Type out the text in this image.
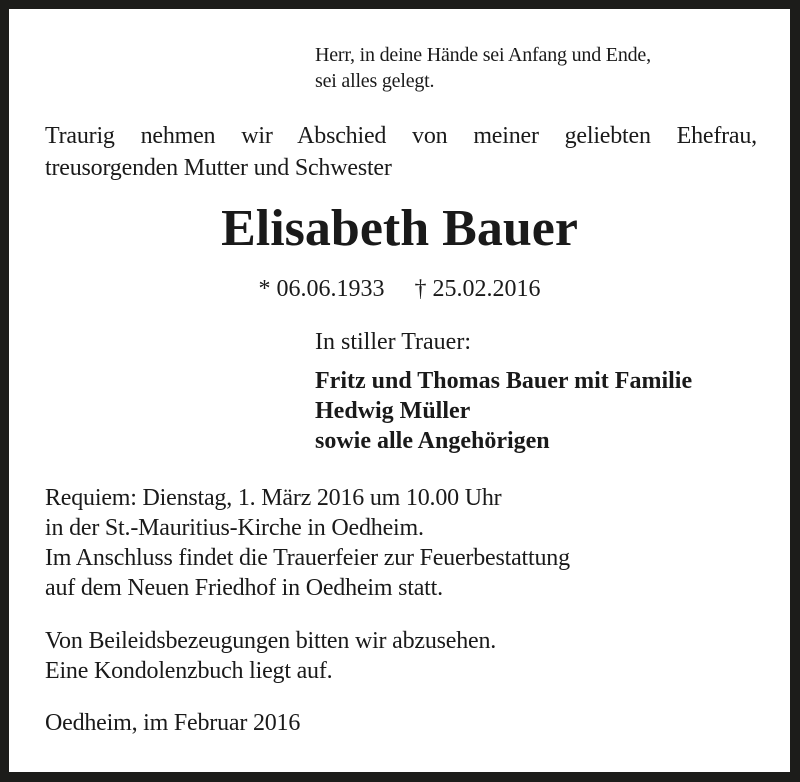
Herr, in deine Hände sei Anfang und Ende,
sei alles gelegt.
Traurig nehmen wir Abschied von meiner geliebten Ehefrau,
treusorgenden Mutter und Schwester
Elisabeth Bauer
* 06.06.1933 † 25.02.2016
In stiller Trauer:
Fritz und Thomas Bauer mit Familie
Hedwig Müller
sowie alle Angehörigen
Requiem: Dienstag, 1. März 2016 um 10.00 Uhr
in der St.-Mauritius-Kirche in Oedheim.
Im Anschluss findet die Trauerfeier zur Feuerbestattung
auf dem Neuen Friedhof in Oedheim statt.
Von Beileidsbezeugungen bitten wir abzusehen.
Eine Kondolenzbuch liegt auf.
Oedheim, im Februar 2016
